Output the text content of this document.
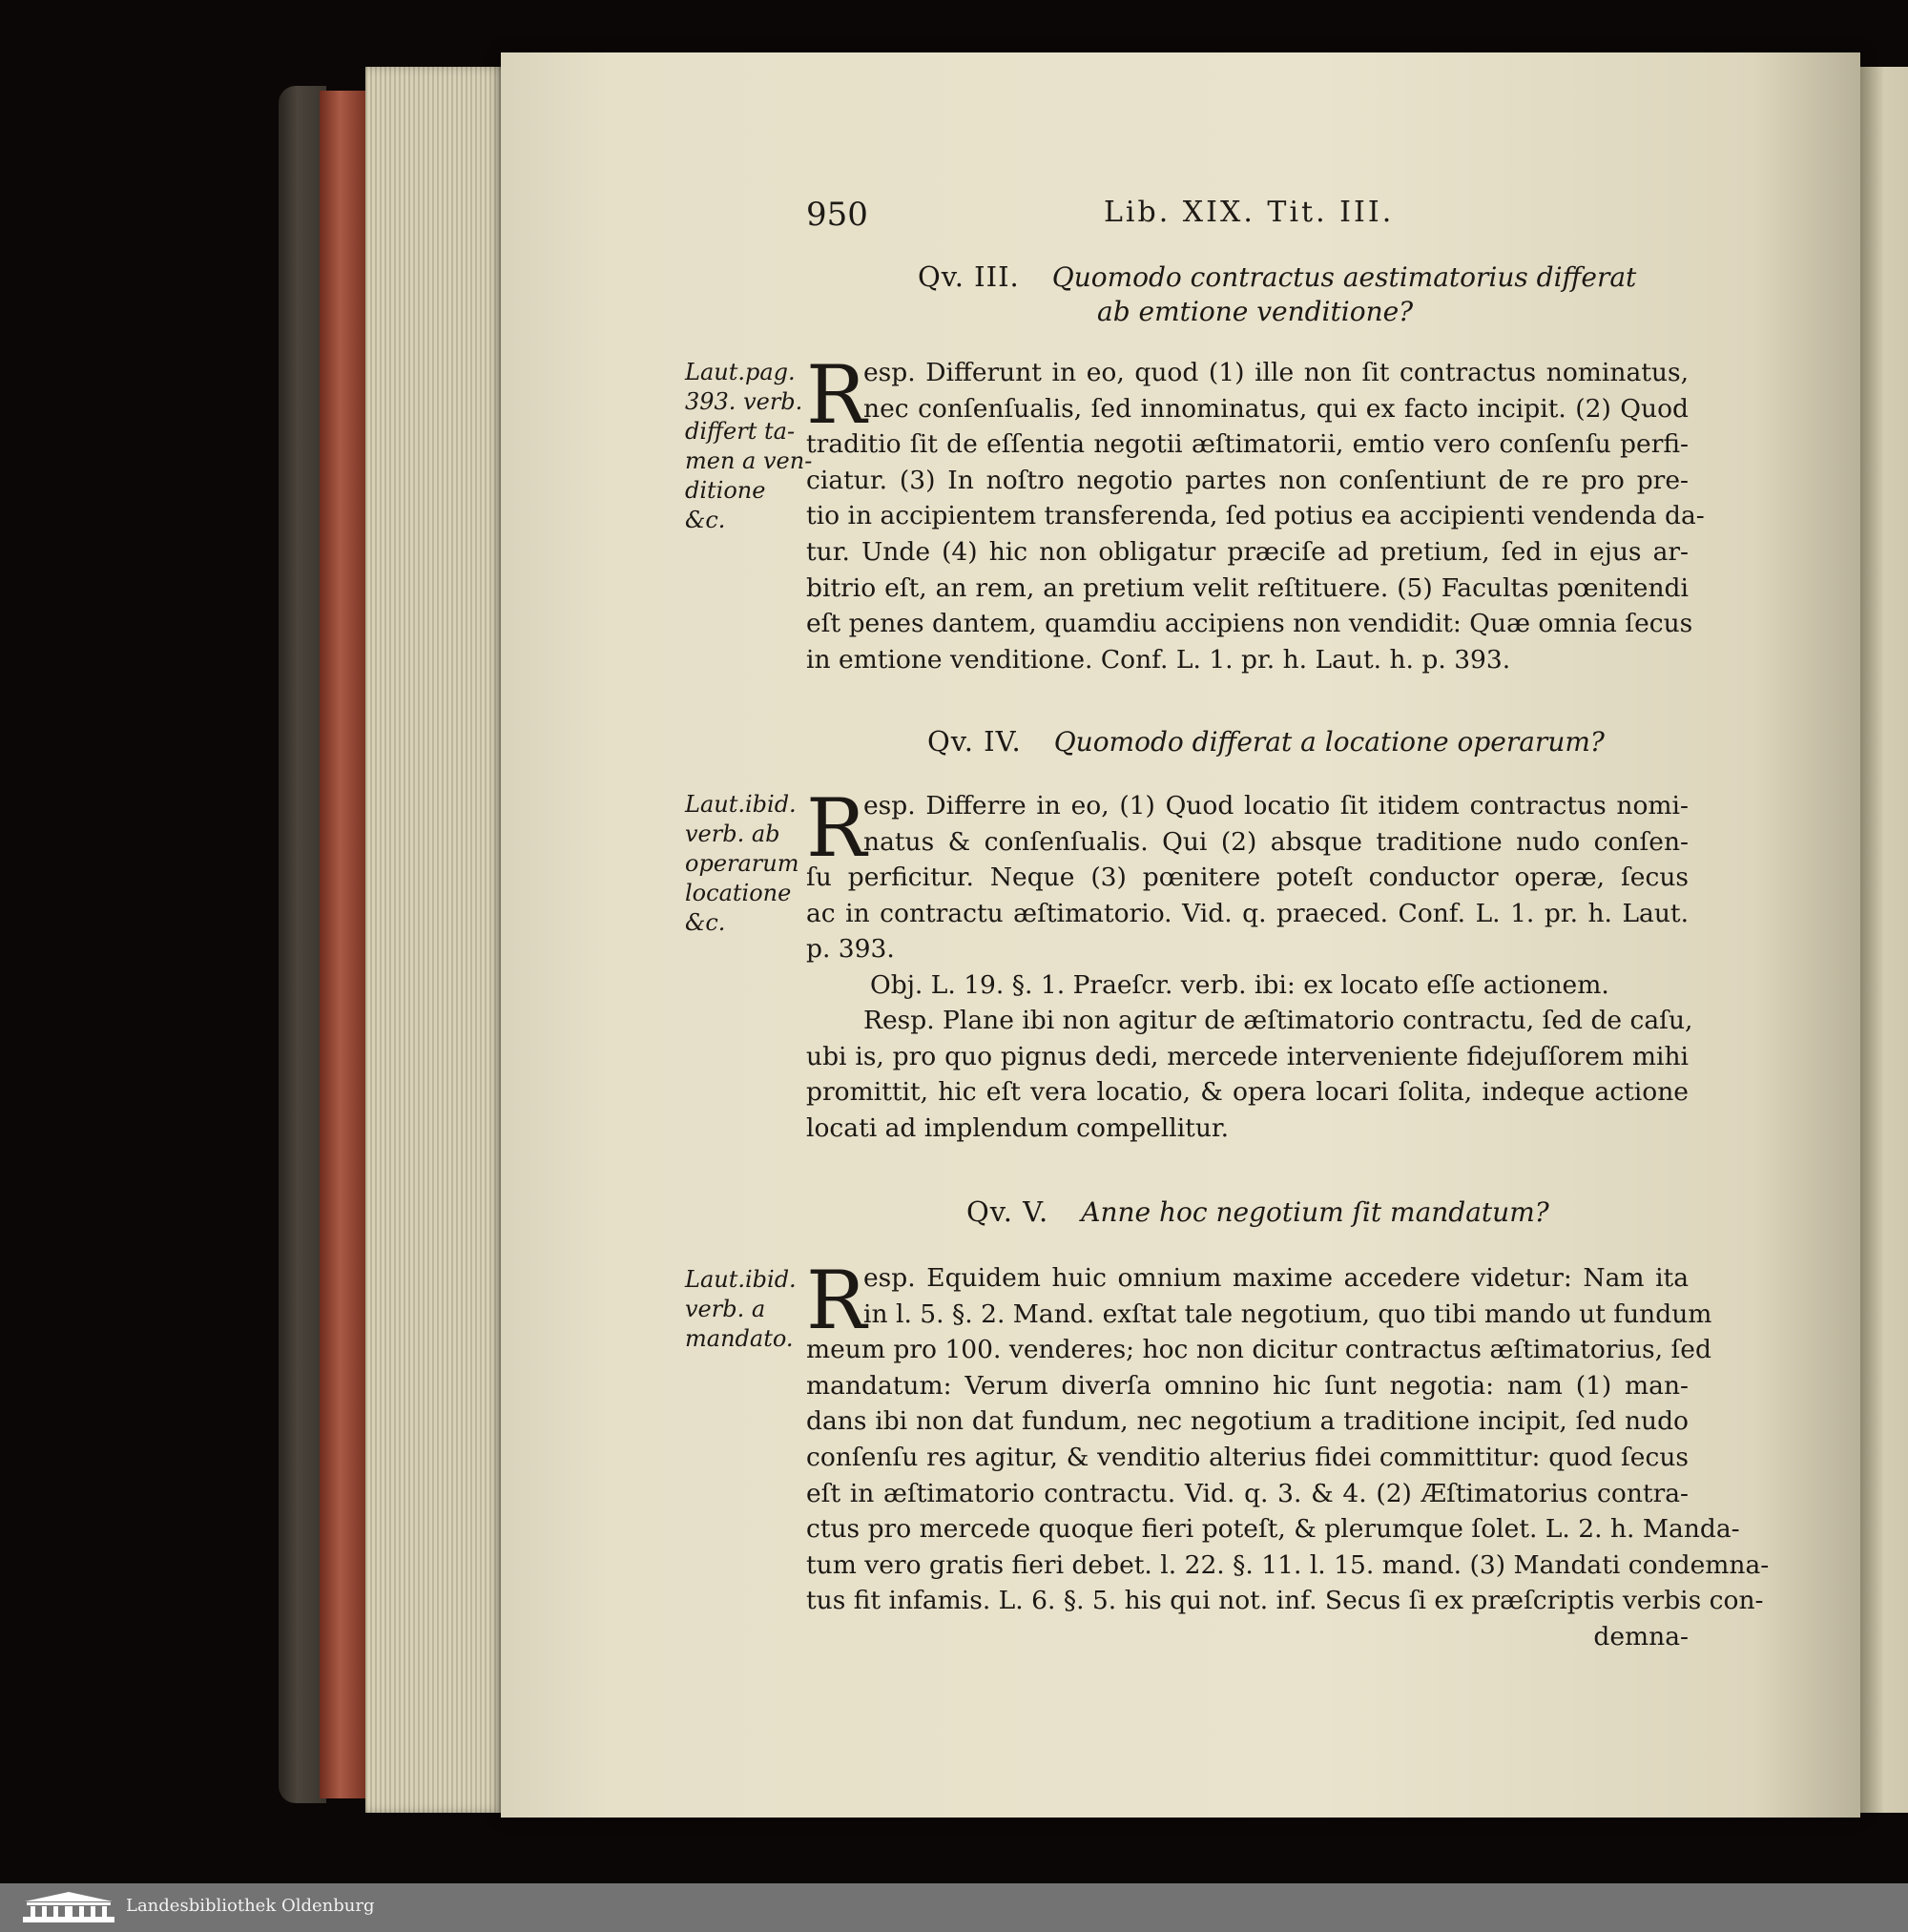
950	Lib. XIX. Tit. III.
Qv. III. Quomodo contractus aestimatorius differat
ab emtione venditione?
Laut.pag.
393. verb.
differt ta-
men a ven-
ditione
&c.
R
esp. Differunt in eo, quod (1) ille non ſit contractus nominatus,
nec conſenſualis, ſed innominatus, qui ex facto incipit. (2) Quod
traditio ſit de eſſentia negotii æſtimatorii, emtio vero conſenſu perfi-
ciatur. (3) In noſtro negotio partes non conſentiunt de re pro pre-
tio in accipientem transferenda, ſed potius ea accipienti vendenda da-
tur. Unde (4) hic non obligatur præciſe ad pretium, ſed in ejus ar-
bitrio eſt, an rem, an pretium velit reſtituere. (5) Facultas pœnitendi
eſt penes dantem, quamdiu accipiens non vendidit: Quæ omnia ſecus
in emtione venditione. Conf. L. 1. pr. h. Laut. h. p. 393.
Qv. IV. Quomodo differat a locatione operarum?
Laut.ibid.
verb. ab
operarum
locatione
&c.
R
esp. Differre in eo, (1) Quod locatio ſit itidem contractus nomi-
natus & conſenſualis. Qui (2) absque traditione nudo conſen-
ſu perficitur. Neque (3) pœnitere poteſt conductor operæ, ſecus
ac in contractu æſtimatorio. Vid. q. praeced. Conf. L. 1. pr. h. Laut.
p. 393.
Obj. L. 19. §. 1. Praeſcr. verb. ibi: ex locato eſſe actionem.
Resp. Plane ibi non agitur de æſtimatorio contractu, ſed de caſu,
ubi is, pro quo pignus dedi, mercede interveniente fidejuſſorem mihi
promittit, hic eſt vera locatio, & opera locari ſolita, indeque actione
locati ad implendum compellitur.
Qv. V. Anne hoc negotium ſit mandatum?
Laut.ibid.
verb. a
mandato. R
esp. Equidem huic omnium maxime accedere videtur: Nam ita
in l. 5. §. 2. Mand. exſtat tale negotium, quo tibi mando ut fundum
meum pro 100. venderes; hoc non dicitur contractus æſtimatorius, ſed
mandatum: Verum diverſa omnino hic ſunt negotia: nam (1) man-
dans ibi non dat fundum, nec negotium a traditione incipit, ſed nudo
conſenſu res agitur, & venditio alterius fidei committitur: quod ſecus
eſt in æſtimatorio contractu. Vid. q. 3. & 4. (2) Æſtimatorius contra-
ctus pro mercede quoque fieri poteſt, & plerumque ſolet. L. 2. h. Manda-
tum vero gratis fieri debet. l. 22. §. 11. l. 15. mand. (3) Mandati condemna-
tus fit infamis. L. 6. §. 5. his qui not. inf. Secus ſi ex præſcriptis verbis con-
demna-
Landesbibliothek Oldenburg
